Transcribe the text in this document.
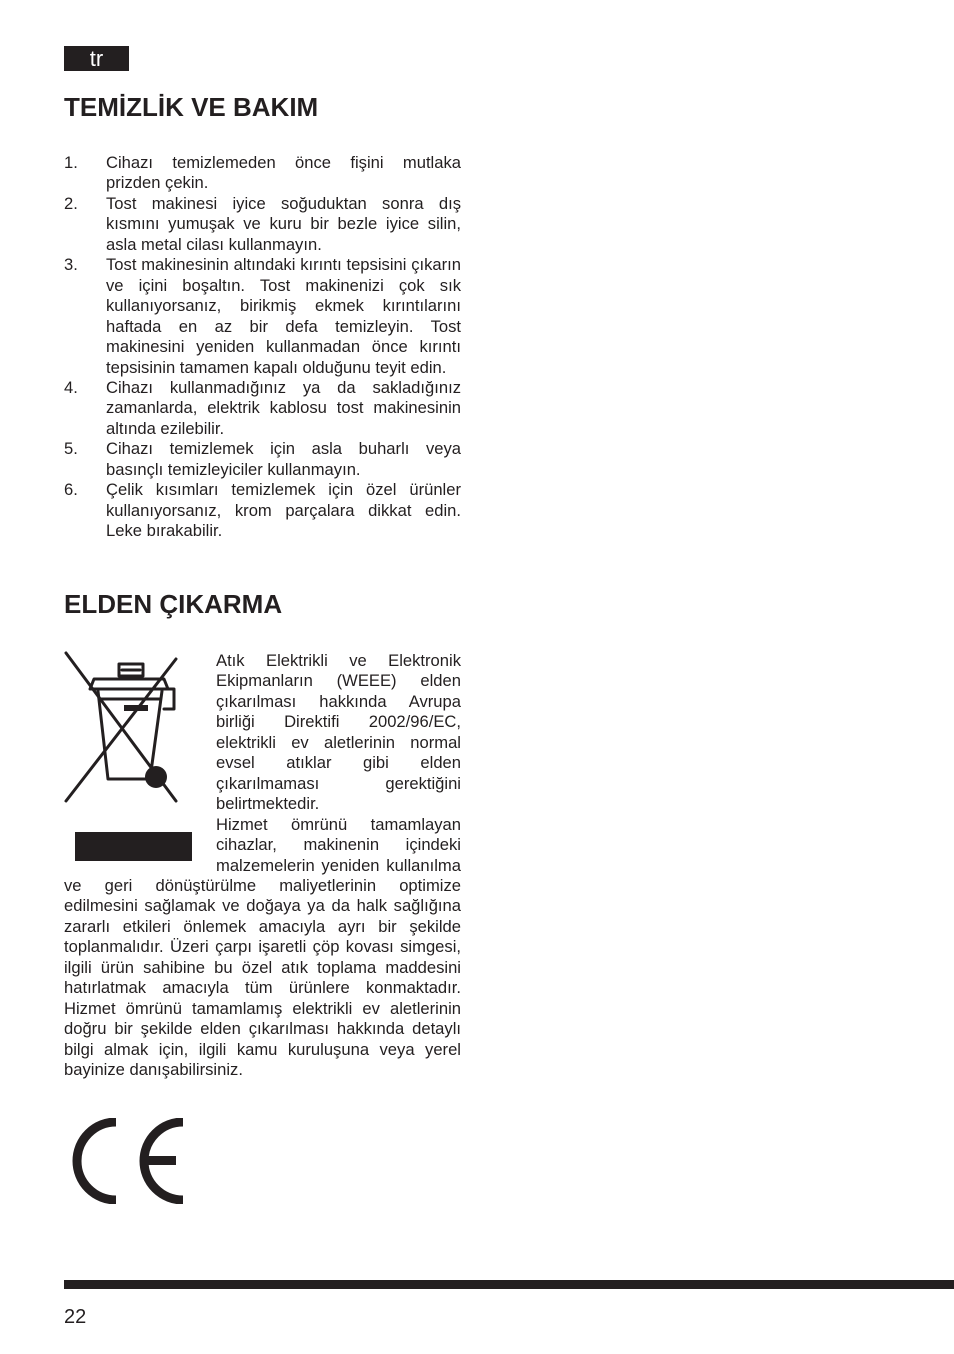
tr
TEMİZLİK VE BAKIM
1.	Cihazı temizlemeden önce fişini mutlaka prizden çekin.
2.	Tost makinesi iyice soğuduktan sonra dış kısmını yumuşak ve kuru bir bezle iyice silin, asla metal cilası kullanmayın.
3.	Tost makinesinin altındaki kırıntı tepsisini çıkarın ve içini boşaltın. Tost makinenizi çok sık kullanıyorsanız, birikmiş ekmek kırıntılarını haftada en az bir defa temizleyin. Tost makinesini yeniden kullanmadan önce kırıntı tepsisinin tamamen kapalı olduğunu teyit edin.
4.	Cihazı kullanmadığınız ya da sakladığınız zamanlarda, elektrik kablosu tost makinesinin altında ezilebilir.
5.	Cihazı temizlemek için asla buharlı veya basınçlı temizleyiciler kullanmayın.
6.	Çelik kısımları temizlemek için özel ürünler kullanıyorsanız, krom parçalara dikkat edin. Leke bırakabilir.
ELDEN ÇIKARMA

Atık Elektrikli ve Elektronik Ekipmanların (WEEE) elden çıkarılması hakkında Avrupa birliği Direktifi 2002/96/EC, elektrikli ev aletlerinin normal evsel atıklar gibi elden çıkarılmaması gerektiğini belirtmektedir.

Hizmet ömrünü tamamlayan cihazlar, makinenin içindeki malzemelerin yeniden kullanılma ve geri dönüştürülme maliyetlerinin optimize edilmesini sağlamak ve doğaya ya da halk sağlığına zararlı etkileri önlemek amacıyla ayrı bir şekilde toplanmalıdır. Üzeri çarpı işaretli çöp kovası simgesi, ilgili ürün sahibine bu özel atık toplama maddesini hatırlatmak amacıyla tüm ürünlere konmaktadır. Hizmet ömrünü tamamlamış elektrikli ev aletlerinin doğru bir şekilde elden çıkarılması hakkında detaylı bilgi almak için, ilgili kamu kuruluşuna veya yerel bayinize danışabilirsiniz.

22
